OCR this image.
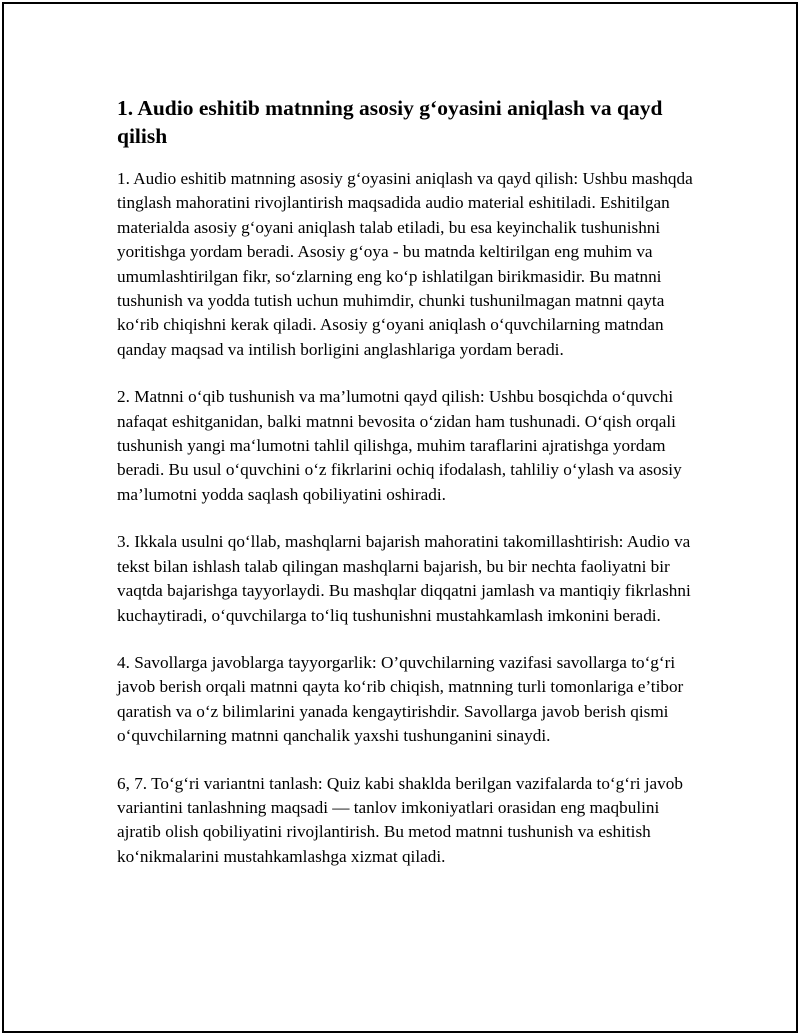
1. Audio eshitib matnning asosiy g‘oyasini aniqlash va qayd qilish

1. Audio eshitib matnning asosiy g‘oyasini aniqlash va qayd qilish: Ushbu mashqda tinglash mahoratini rivojlantirish maqsadida audio material eshitiladi. Eshitilgan materialda asosiy g‘oyani aniqlash talab etiladi, bu esa keyinchalik tushunishni yoritishga yordam beradi. Asosiy g‘oya - bu matnda keltirilgan eng muhim va umumlashtirilgan fikr, so‘zlarning eng ko‘p ishlatilgan birikmasidir. Bu matnni tushunish va yodda tutish uchun muhimdir, chunki tushunilmagan matnni qayta ko‘rib chiqishni kerak qiladi. Asosiy g‘oyani aniqlash o‘quvchilarning matndan qanday maqsad va intilish borligini anglashlariga yordam beradi.

2. Matnni o‘qib tushunish va ma’lumotni qayd qilish: Ushbu bosqichda o‘quvchi nafaqat eshitganidan, balki matnni bevosita o‘zidan ham tushunadi. O‘qish orqali tushunish yangi ma‘lumotni tahlil qilishga, muhim taraflarini ajratishga yordam beradi. Bu usul o‘quvchini o‘z fikrlarini ochiq ifodalash, tahliliy o‘ylash va asosiy ma’lumotni yodda saqlash qobiliyatini oshiradi.

3. Ikkala usulni qo‘llab, mashqlarni bajarish mahoratini takomillashtirish: Audio va tekst bilan ishlash talab qilingan mashqlarni bajarish, bu bir nechta faoliyatni bir vaqtda bajarishga tayyorlaydi. Bu mashqlar diqqatni jamlash va mantiqiy fikrlashni kuchaytiradi, o‘quvchilarga to‘liq tushunishni mustahkamlash imkonini beradi.

4. Savollarga javoblarga tayyorgarlik: O’quvchilarning vazifasi savollarga to‘g‘ri javob berish orqali matnni qayta ko‘rib chiqish, matnning turli tomonlariga e’tibor qaratish va o‘z bilimlarini yanada kengaytirishdir. Savollarga javob berish qismi o‘quvchilarning matnni qanchalik yaxshi tushunganini sinaydi.

6, 7. To‘g‘ri variantni tanlash: Quiz kabi shaklda berilgan vazifalarda to‘g‘ri javob variantini tanlashning maqsadi — tanlov imkoniyatlari orasidan eng maqbulini ajratib olish qobiliyatini rivojlantirish. Bu metod matnni tushunish va eshitish ko‘nikmalarini mustahkamlashga xizmat qiladi.
